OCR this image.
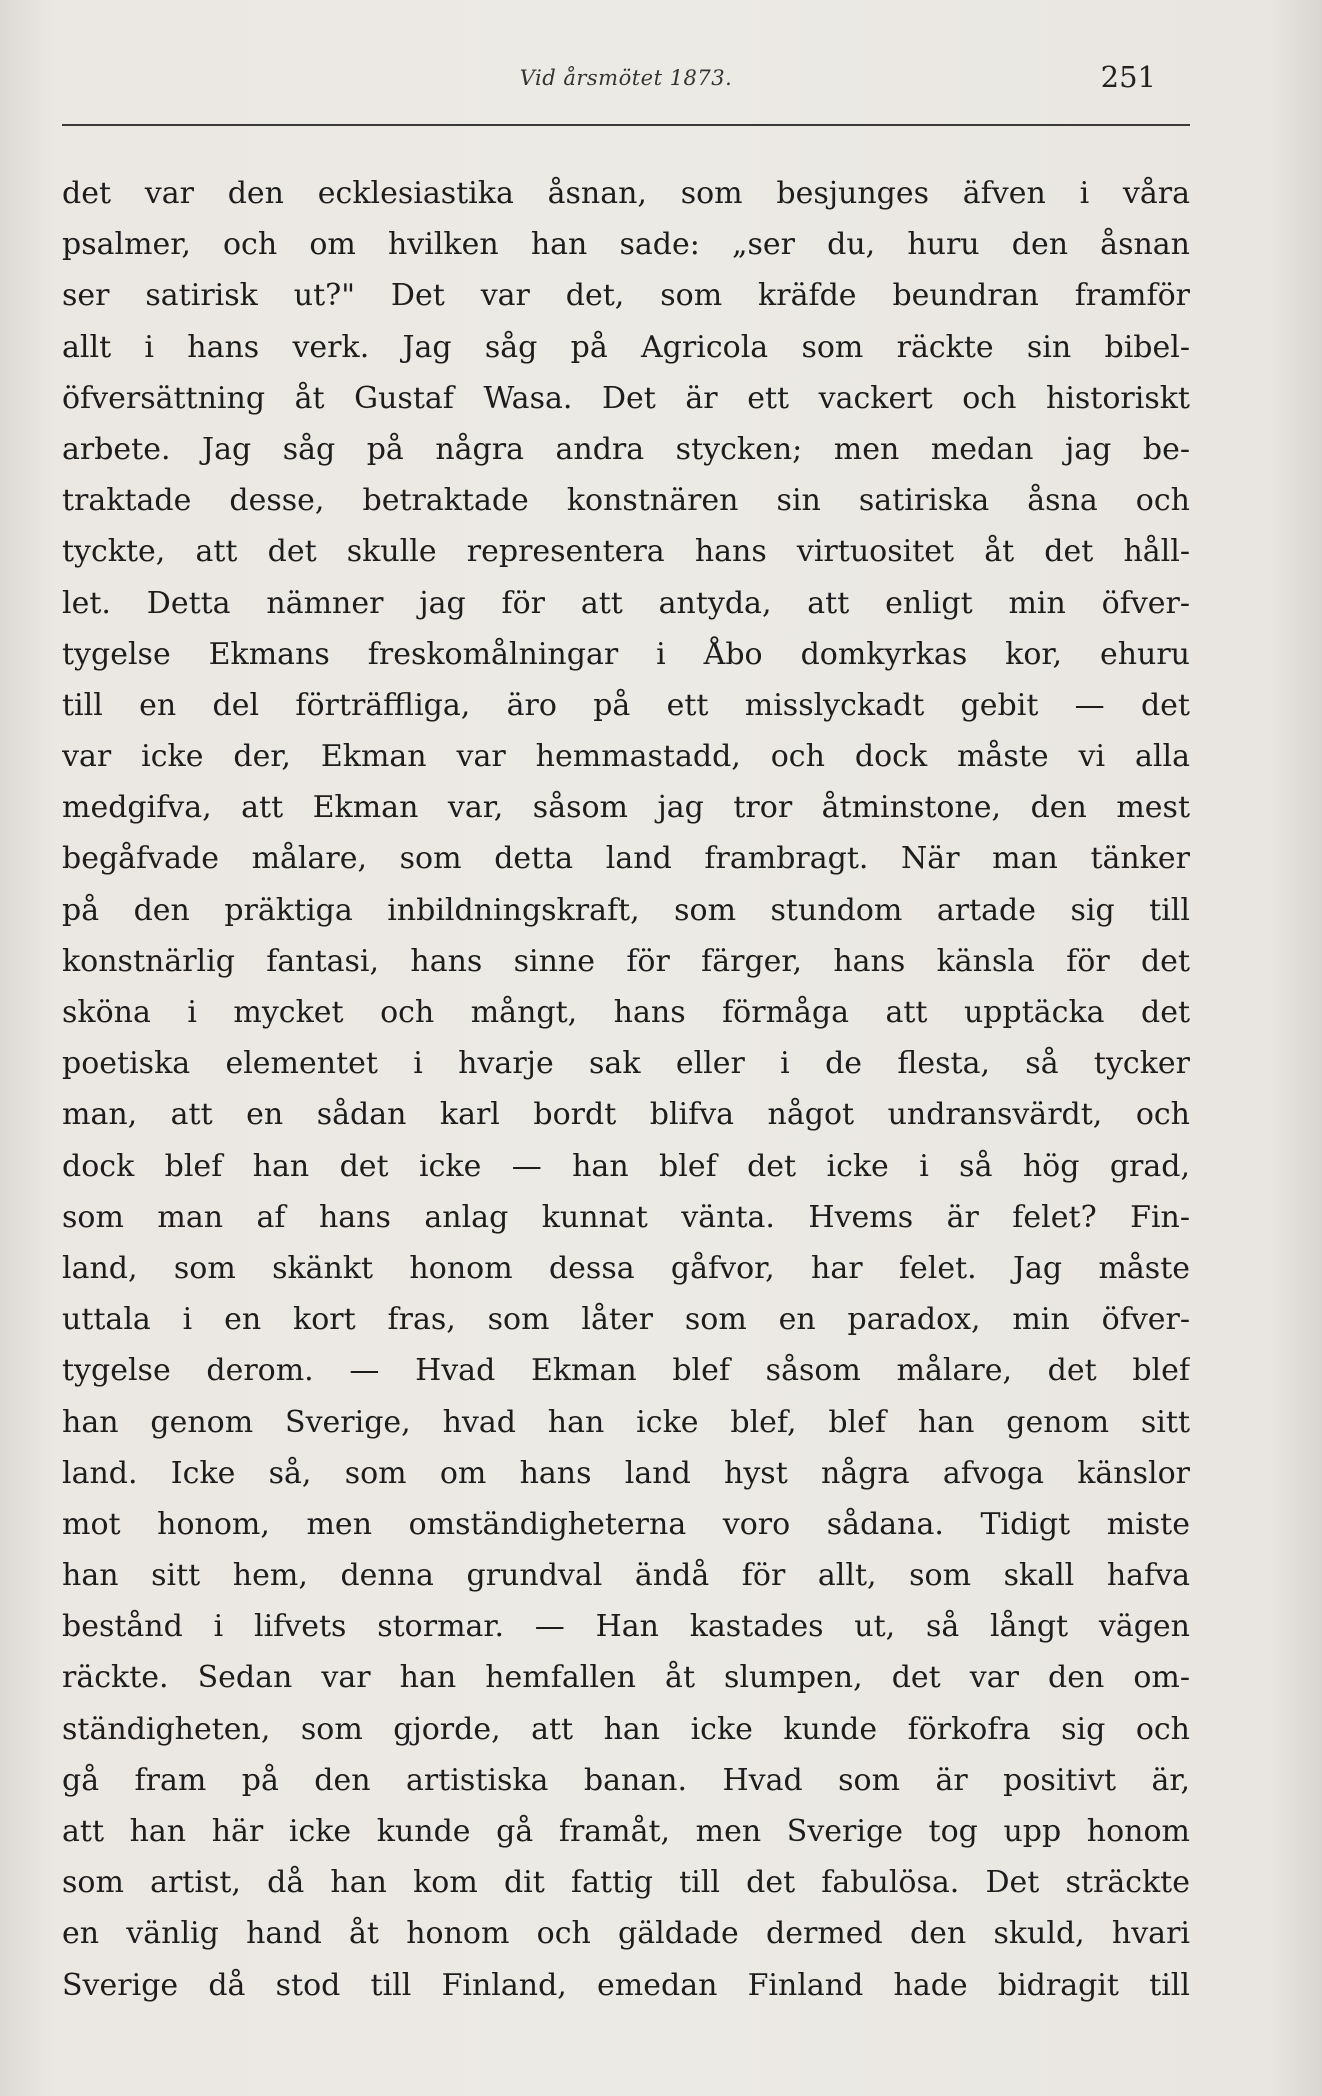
Vid årsmötet 1873.	251
det var den ecklesiastika åsnan, som besjunges äfven i våra
psalmer, och om hvilken han sade: „ser du, huru den åsnan
ser satirisk ut?" Det var det, som kräfde beundran framför
allt i hans verk. Jag såg på Agricola som räckte sin bibel-
öfversättning åt Gustaf Wasa. Det är ett vackert och historiskt
arbete. Jag såg på några andra stycken; men medan jag be-
traktade desse, betraktade konstnären sin satiriska åsna och
tyckte, att det skulle representera hans virtuositet åt det håll-
let. Detta nämner jag för att antyda, att enligt min öfver-
tygelse Ekmans freskomålningar i Åbo domkyrkas kor, ehuru
till en del förträffliga, äro på ett misslyckadt gebit — det
var icke der, Ekman var hemmastadd, och dock måste vi alla
medgifva, att Ekman var, såsom jag tror åtminstone, den mest
begåfvade målare, som detta land frambragt. När man tänker
på den präktiga inbildningskraft, som stundom artade sig till
konstnärlig fantasi, hans sinne för färger, hans känsla för det
sköna i mycket och mångt, hans förmåga att upptäcka det
poetiska elementet i hvarje sak eller i de flesta, så tycker
man, att en sådan karl bordt blifva något undransvärdt, och
dock blef han det icke — han blef det icke i så hög grad,
som man af hans anlag kunnat vänta. Hvems är felet? Fin-
land, som skänkt honom dessa gåfvor, har felet. Jag måste
uttala i en kort fras, som låter som en paradox, min öfver-
tygelse derom. — Hvad Ekman blef såsom målare, det blef
han genom Sverige, hvad han icke blef, blef han genom sitt
land. Icke så, som om hans land hyst några afvoga känslor
mot honom, men omständigheterna voro sådana. Tidigt miste
han sitt hem, denna grundval ändå för allt, som skall hafva
bestånd i lifvets stormar. — Han kastades ut, så långt vägen
räckte. Sedan var han hemfallen åt slumpen, det var den om-
ständigheten, som gjorde, att han icke kunde förkofra sig och
gå fram på den artistiska banan. Hvad som är positivt är,
att han här icke kunde gå framåt, men Sverige tog upp honom
som artist, då han kom dit fattig till det fabulösa. Det sträckte
en vänlig hand åt honom och gäldade dermed den skuld, hvari
Sverige då stod till Finland, emedan Finland hade bidragit till
